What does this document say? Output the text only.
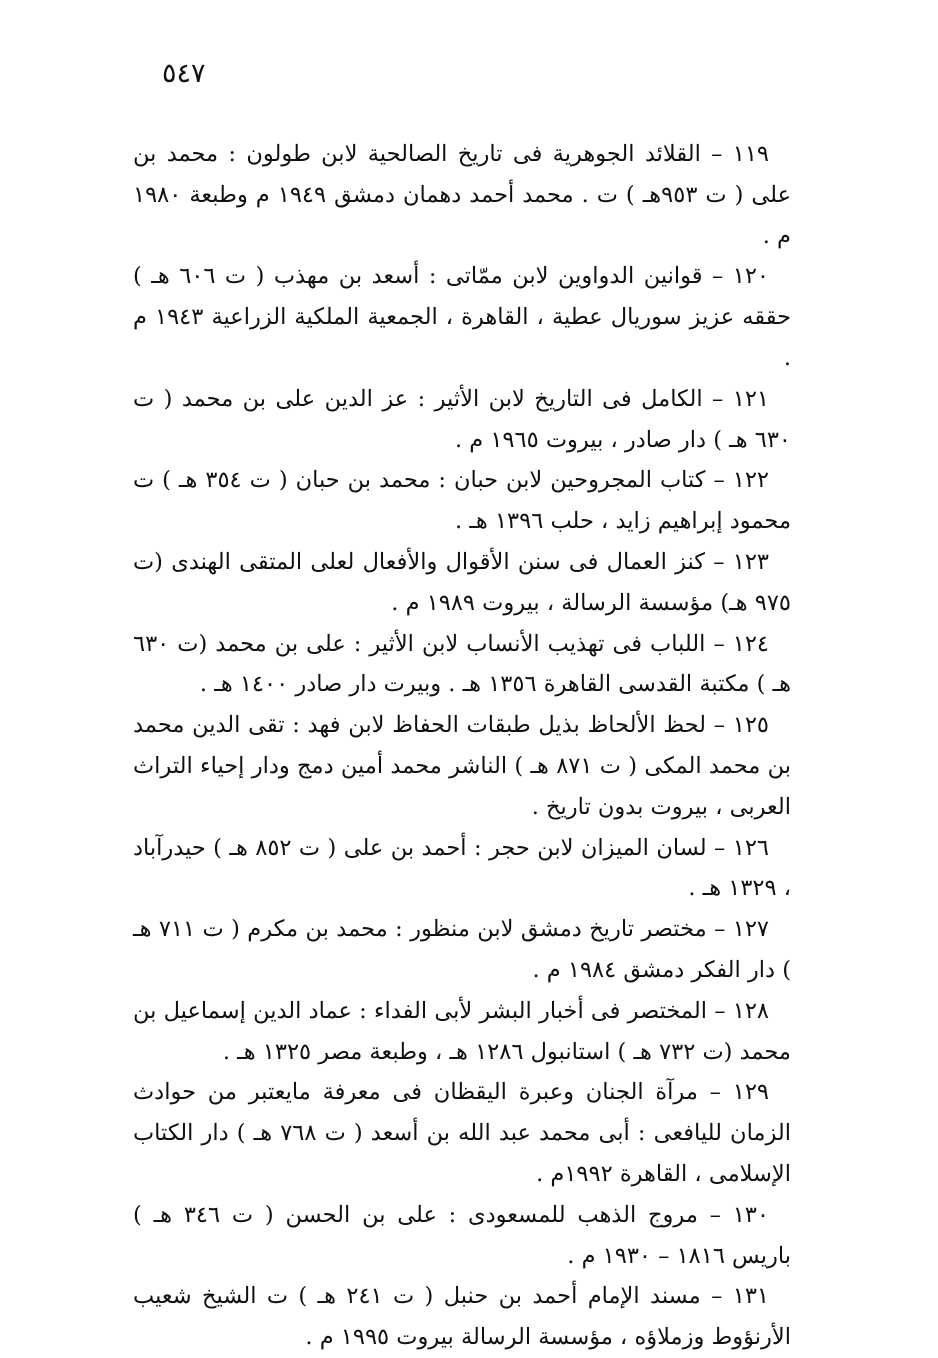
٥٤٧

١١٩ – القلائد الجوهرية فى تاريخ الصالحية لابن طولون : محمد بن على ( ت ٩٥٣هـ ) ت . محمد أحمد دهمان دمشق ١٩٤٩ م وطبعة ١٩٨٠ م .

١٢٠ – قوانين الدواوين لابن ممّاتى : أسعد بن مهذب ( ت ٦٠٦ هـ ) حققه عزيز سوريال عطية ، القاهرة ، الجمعية الملكية الزراعية ١٩٤٣ م .

١٢١ – الكامل فى التاريخ لابن الأثير : عز الدين على بن محمد ( ت ٦٣٠ هـ ) دار صادر ، بيروت ١٩٦٥ م .

١٢٢ – كتاب المجروحين لابن حبان : محمد بن حبان ( ت ٣٥٤ هـ ) ت محمود إبراهيم زايد ، حلب ١٣٩٦ هـ .

١٢٣ – كنز العمال فى سنن الأقوال والأفعال لعلى المتقى الهندى (ت ٩٧٥ هـ) مؤسسة الرسالة ، بيروت ١٩٨٩ م .

١٢٤ – اللباب فى تهذيب الأنساب لابن الأثير : على بن محمد (ت ٦٣٠ هـ ) مكتبة القدسى القاهرة ١٣٥٦ هـ . وبيرت دار صادر ١٤٠٠ هـ .

١٢٥ – لحظ الألحاظ بذيل طبقات الحفاظ لابن فهد : تقى الدين محمد بن محمد المكى ( ت ٨٧١ هـ ) الناشر محمد أمين دمج ودار إحياء التراث العربى ، بيروت بدون تاريخ .

١٢٦ – لسان الميزان لابن حجر : أحمد بن على ( ت ٨٥٢ هـ ) حيدرآباد ، ١٣٢٩ هـ .

١٢٧ – مختصر تاريخ دمشق لابن منظور : محمد بن مكرم ( ت ٧١١ هـ ) دار الفكر دمشق ١٩٨٤ م .

١٢٨ – المختصر فى أخبار البشر لأبى الفداء : عماد الدين إسماعيل بن محمد (ت ٧٣٢ هـ ) استانبول ١٢٨٦ هـ ، وطبعة مصر ١٣٢٥ هـ .

١٢٩ – مرآة الجنان وعبرة اليقظان فى معرفة مايعتبر من حوادث الزمان لليافعى : أبى محمد عبد الله بن أسعد ( ت ٧٦٨ هـ ) دار الكتاب الإسلامى ، القاهرة ١٩٩٢م .

١٣٠ – مروج الذهب للمسعودى : على بن الحسن ( ت ٣٤٦ هـ ) باريس ١٨١٦ – ١٩٣٠ م .

١٣١ – مسند الإمام أحمد بن حنبل ( ت ٢٤١ هـ ) ت الشيخ شعيب الأرنؤوط وزملاؤه ، مؤسسة الرسالة بيروت ١٩٩٥ م .
